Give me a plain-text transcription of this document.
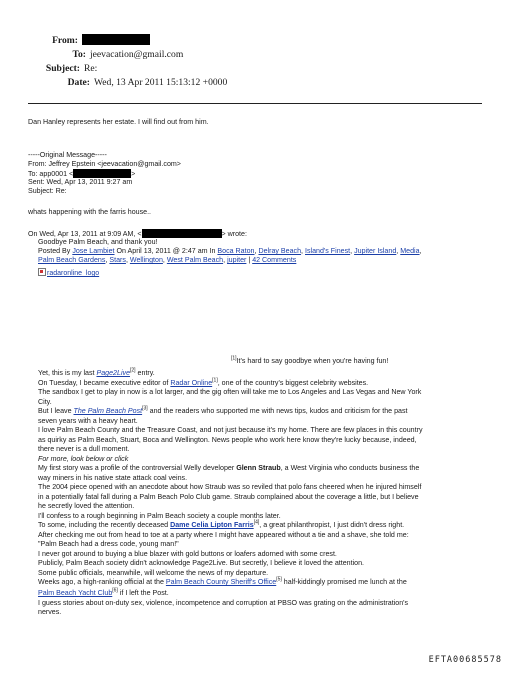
From:
To: jeevacation@gmail.com
Subject: Re:
Date: Wed, 13 Apr 2011 15:13:12 +0000
Dan Hanley represents her estate. I will find out from him.
-----Original Message-----
From: Jeffrey Epstein <jeevacation@gmail.com>
To: app0001 <	>
Sent: Wed, Apr 13, 2011 9:27 am
Subject: Re:
whats happening with the farris house..
On Wed, Apr 13, 2011 at 9:09 AM, <	> wrote:
Goodbye Palm Beach, and thank you!
Posted By Jose Lambiet On April 13, 2011 @ 2:47 am In Boca Raton, Delray Beach, Island's Finest, Jupiter Island, Media,
Palm Beach Gardens, Stars, Wellington, West Palm Beach, jupiter | 42 Comments
radaronline_logo
[1]It's hard to say goodbye when you're having fun!
Yet, this is my last Page2Live[2] entry.
On Tuesday, I became executive editor of Radar Online[1], one of the country's biggest celebrity websites.
The sandbox I get to play in now is a lot larger, and the gig often will take me to Los Angeles and Las Vegas and New York
City.
But I leave The Palm Beach Post[3] and the readers who supported me with news tips, kudos and criticism for the past
seven years with a heavy heart.
I love Palm Beach County and the Treasure Coast, and not just because it's my home. There are few places in this country
as quirky as Palm Beach, Stuart, Boca and Wellington. News people who work here know they're lucky because, indeed,
there never is a dull moment.
For more, look below or click
My first story was a profile of the controversial Welly developer Glenn Straub, a West Virginia who conducts business the
way miners in his native state attack coal veins.
The 2004 piece opened with an anecdote about how Straub was so reviled that polo fans cheered when he injured himself
in a potentially fatal fall during a Palm Beach Polo Club game. Straub complained about the coverage a little, but I believe
he secretly loved the attention.
I'll confess to a rough beginning in Palm Beach society a couple months later.
To some, including the recently deceased Dame Celia Lipton Farris[4], a great philanthropist, I just didn't dress right.
After checking me out from head to toe at a party where I might have appeared without a tie and a shave, she told me:
"Palm Beach had a dress code, young man!"
I never got around to buying a blue blazer with gold buttons or loafers adorned with some crest.
Publicly, Palm Beach society didn't acknowledge Page2Live. But secretly, I believe it loved the attention.
Some public officials, meanwhile, will welcome the news of my departure.
Weeks ago, a high-ranking official at the Palm Beach County Sheriff's Office[5] half-kiddingly promised me lunch at the
Palm Beach Yacht Club[6] if I left the Post.
I guess stories about on-duty sex, violence, incompetence and corruption at PBSO was grating on the administration's
nerves.
EFTA00685578
